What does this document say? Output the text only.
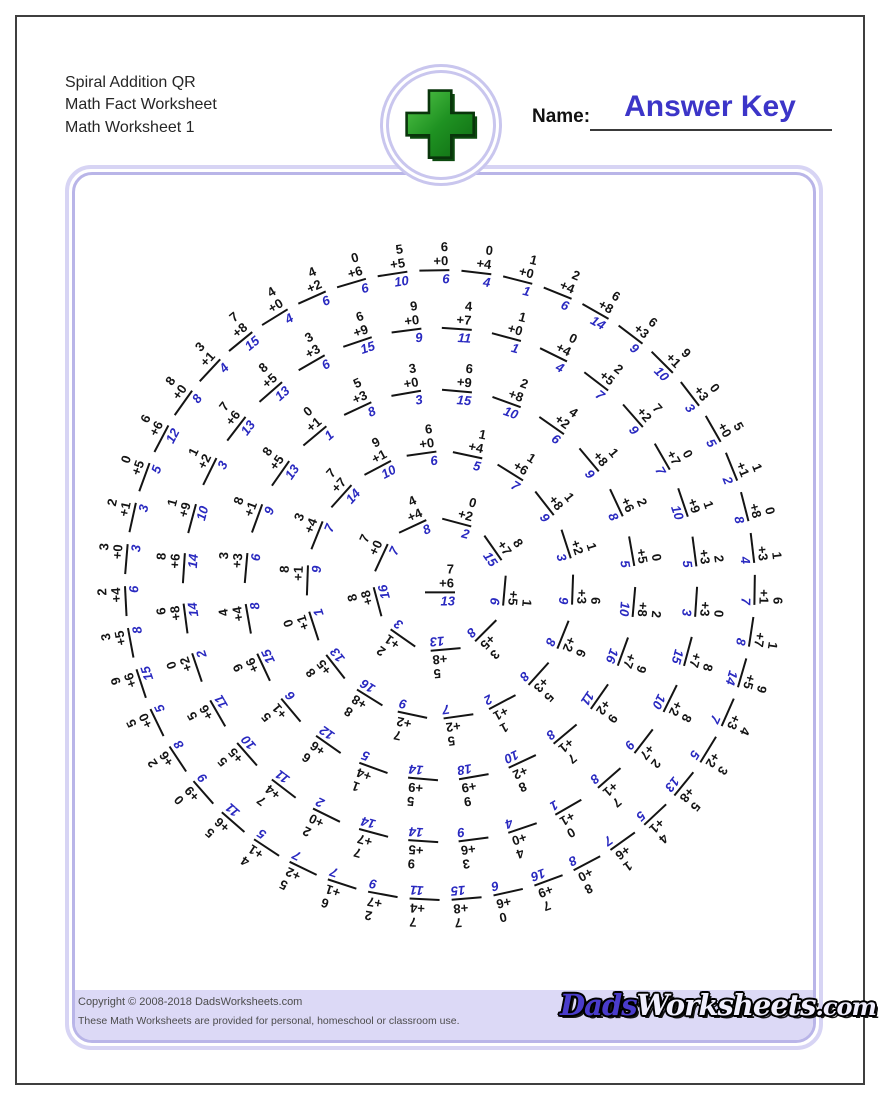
Spiral Addition QR
Math Fact Worksheet
Math Worksheet 1
Name:	Answer Key
7
+6
13	1
+5
6
3
+5
8
5
+8
13
2
+1
3
8
+8
16
7
+0 7
4
+4
8
0
+2
2
8
+7
15
6
+0
6
1
+4
5	1
+6
7
1
+8
9
1
+2
3
6
+3
9
6
+2
8
5
+3
8
1
+1
2
5
+2
7
7
+2
9
8
+8
16
8
+5
13
0
+1
1
8
+1 9
3
+4 7
7
+7
14
9
+1
10
3
+0
3
6
+9
15
2
+8
10	4
+2
6
1
+8
9
2
+6
8
0
+5
5
2
+8
10
9
+7
16
9
+2
11
7
+1
8
8
+2
10
9
+9
18
5
+9
14
1
+4
5
6
+6
12
5
+1
6
9
+6
15
4
+4 8
3
+3 6
8
+1 9
8
+5
13
0
+1
1
5
+3
8
3
+3
6
6
+9
15
9
+0
9
4
+7
11
1
+0
1
0
+4
4	2
+5
7
7
+2
9
0
+7
7
1
+9
10
2
+3
5
0
+3
3
8
+7
15
8
+2
10
2
+7
9
7
+1
8
0
+1
1
4
+0
4
3
+6
9
9
+5
14
7
+7
14
2
+0
2
7
+4
11
5
+5
10
5
+6
11
0
+2
2
6
+8 14
8
+6 14
1
+9 10
1
+2 3
7
+6
13
8
+5
13
4
+2
6
0
+6
6
5
+5
10
6
+0
6
0
+4
4
1
+0
1
2
+4
6
6
+8
14	6
+3
9	9
+1
10
0
+3
3
5
+0
5
1
+1
2
0
+8
8
1
+3
4
6
+1
7
1
+7
8
9
+5
14
4
+3
7
3
+2
5
5
+8
13
4
+1
5
1
+6
7
8
+0
8
7
+9
16
0
+6
6
7
+8
15
7
+4
11
2
+7
9
6
+1
7
5
+2
7
4
+1
5
5
+6
11
0
+9
9
2
+6
8
5
+0
5
9
+6
15
3
+5 8
2
+4 6
3
+0 3
2
+1 3
0
+5 5
6
+6
12
8
+0
8
3
+1
4
7
+8
15
4
+0
4
Copyright © 2008-2018 DadsWorksheets.com
These Math Worksheets are provided for personal, homeschool or classroom use.	DadsWorksheets.com
